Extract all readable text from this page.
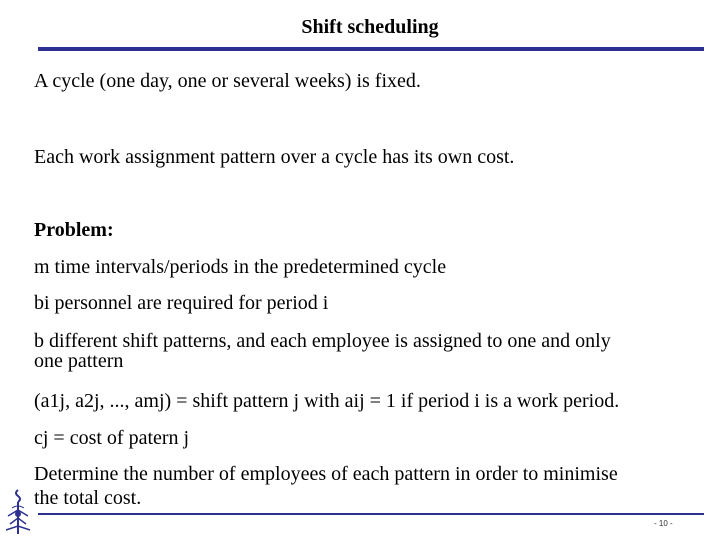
Shift scheduling
A cycle (one day, one or several weeks) is fixed.
Each work assignment pattern over a cycle has its own cost.
Problem:
m time intervals/periods in the predetermined cycle
bi personnel are required for period i
b different shift patterns, and each employee is assigned to one and only
one pattern
(a1j, a2j, ..., amj) = shift pattern j with aij = 1 if period i is a work period.
cj = cost of patern j
Determine the number of employees of each pattern in order to minimise
the total cost.
- 10 -
